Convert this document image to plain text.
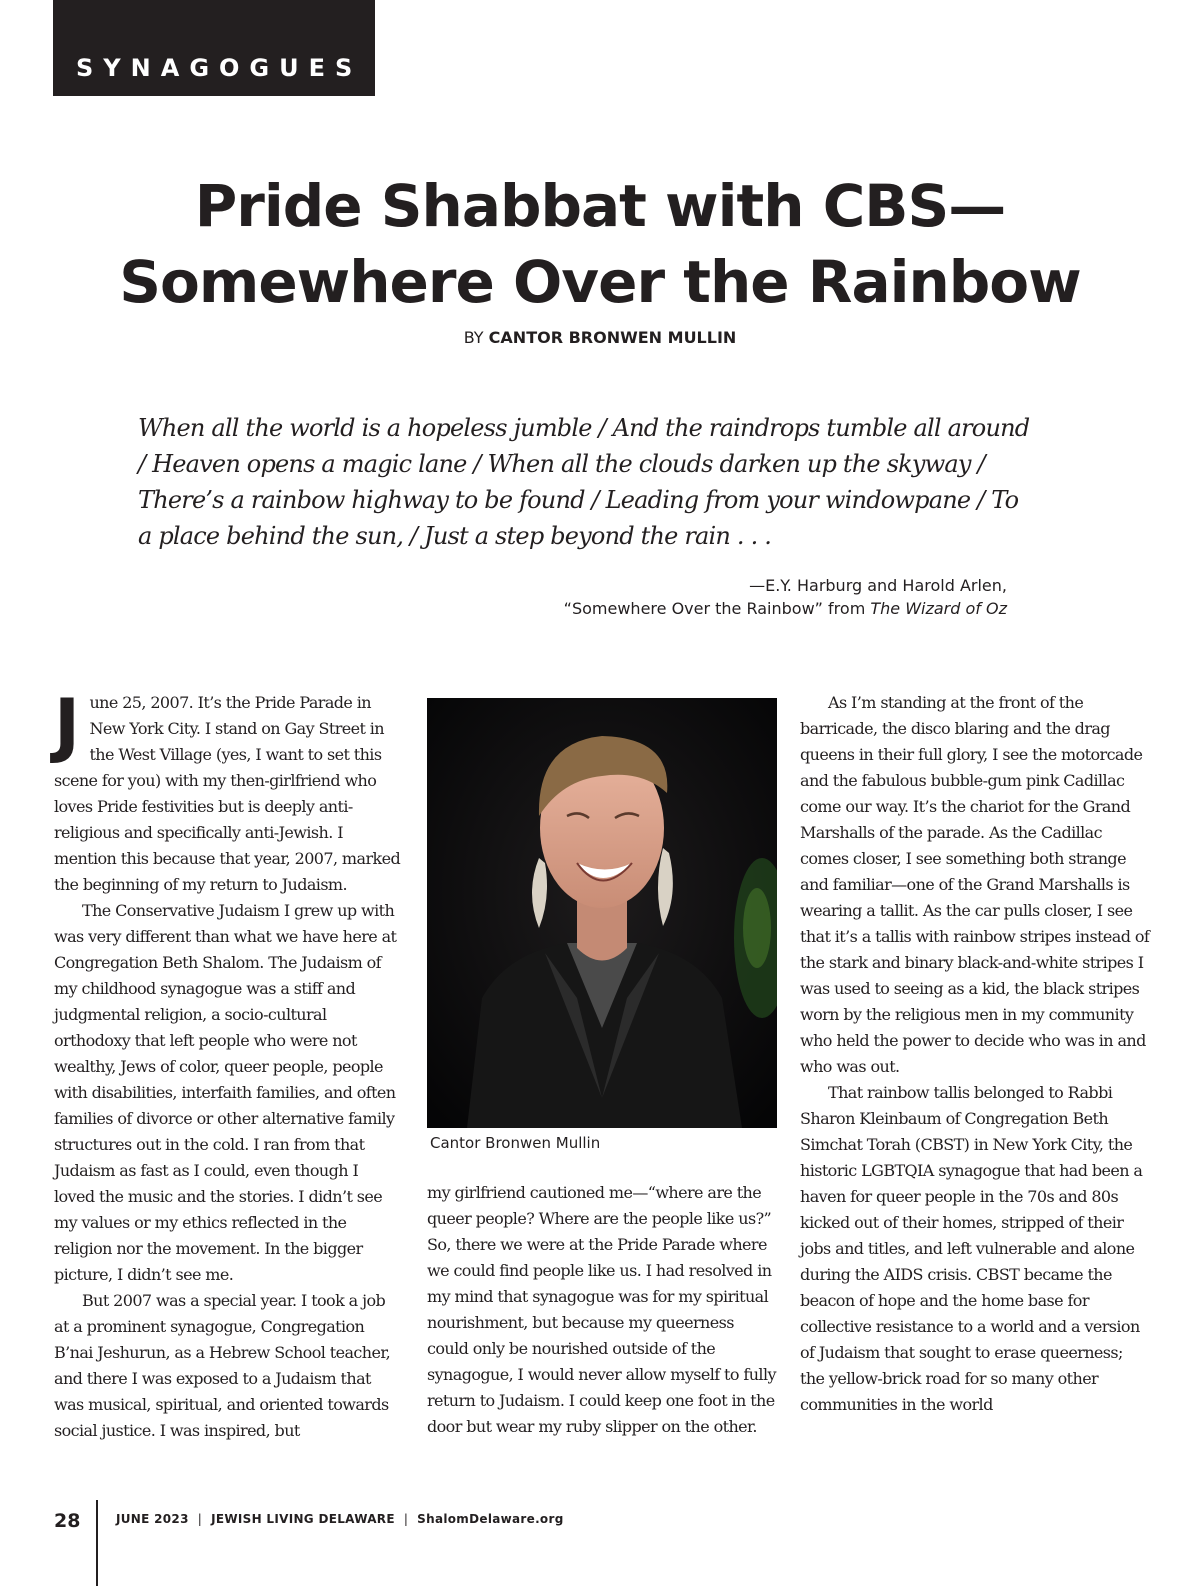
SYNAGOGUES
Pride Shabbat with CBS—
Somewhere Over the Rainbow
BY CANTOR BRONWEN MULLIN

When all the world is a hopeless jumble / And the raindrops tumble all around / Heaven opens a magic lane / When all the clouds darken up the skyway / There’s a rainbow highway to be found / Leading from your windowpane / To a place behind the sun, / Just a step beyond the rain . . .

—E.Y. Harburg and Harold Arlen,
“Somewhere Over the Rainbow” from The Wizard of Oz

June 25, 2007. It’s the Pride Parade in New York City. I stand on Gay Street in the West Village (yes, I want to set this scene for you) with my then-girlfriend who loves Pride festivities but is deeply anti-religious and specifically anti-Jewish. I mention this because that year, 2007, marked the beginning of my return to Judaism.

The Conservative Judaism I grew up with was very different than what we have here at Congregation Beth Shalom. The Judaism of my childhood synagogue was a stiff and judgmental religion, a socio-cultural orthodoxy that left people who were not wealthy, Jews of color, queer people, people with disabilities, interfaith families, and often families of divorce or other alternative family structures out in the cold. I ran from that Judaism as fast as I could, even though I loved the music and the stories. I didn’t see my values or my ethics reflected in the religion nor the movement. In the bigger picture, I didn’t see me.

But 2007 was a special year. I took a job at a prominent synagogue, Congregation B’nai Jeshurun, as a Hebrew School teacher, and there I was exposed to a Judaism that was musical, spiritual, and oriented towards social justice. I was inspired, but

Cantor Bronwen Mullin

my girlfriend cautioned me—“where are the queer people? Where are the people like us?” So, there we were at the Pride Parade where we could find people like us. I had resolved in my mind that synagogue was for my spiritual nourishment, but because my queerness could only be nourished outside of the synagogue, I would never allow myself to fully return to Judaism. I could keep one foot in the door but wear my ruby slipper on the other.

As I’m standing at the front of the barricade, the disco blaring and the drag queens in their full glory, I see the motorcade and the fabulous bubble-gum pink Cadillac come our way. It’s the chariot for the Grand Marshalls of the parade. As the Cadillac comes closer, I see something both strange and familiar—one of the Grand Marshalls is wearing a tallit. As the car pulls closer, I see that it’s a tallis with rainbow stripes instead of the stark and binary black-and-white stripes I was used to seeing as a kid, the black stripes worn by the religious men in my community who held the power to decide who was in and who was out.

That rainbow tallis belonged to Rabbi Sharon Kleinbaum of Congregation Beth Simchat Torah (CBST) in New York City, the historic LGBTQIA synagogue that had been a haven for queer people in the 70s and 80s kicked out of their homes, stripped of their jobs and titles, and left vulnerable and alone during the AIDS crisis. CBST became the beacon of hope and the home base for collective resistance to a world and a version of Judaism that sought to erase queerness; the yellow-brick road for so many other communities in the world

28	JUNE 2023 | JEWISH LIVING DELAWARE | ShalomDelaware.org
